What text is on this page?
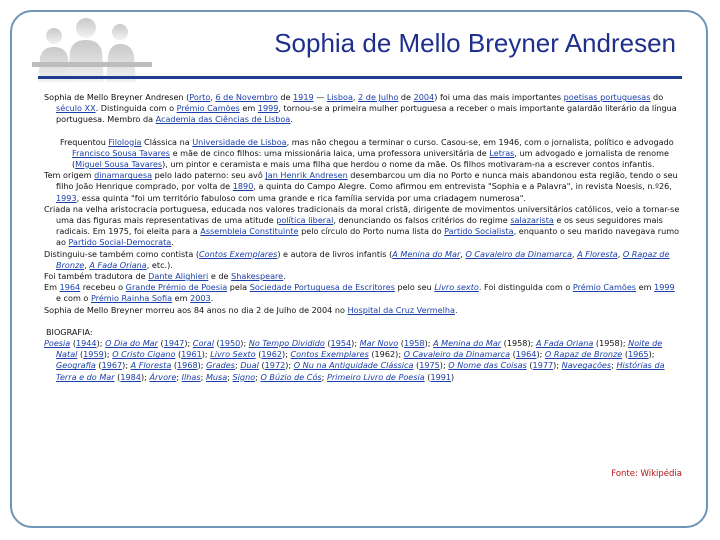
Sophia de Mello Breyner Andresen

Sophia de Mello Breyner Andresen (Porto, 6 de Novembro de 1919 — Lisboa, 2 de Julho de 2004) foi uma das mais importantes poetisas portuguesas do século XX. Distinguida com o Prémio Camões em 1999, tornou-se a primeira mulher portuguesa a receber o mais importante galardão literário da língua portuguesa. Membro da Academia das Ciências de Lisboa.

Frequentou Filologia Clássica na Universidade de Lisboa, mas não chegou a terminar o curso. Casou-se, em 1946, com o jornalista, político e advogado Francisco Sousa Tavares e mãe de cinco filhos: uma missionária laica, uma professora universitária de Letras, um advogado e jornalista de renome (Miguel Sousa Tavares), um pintor e ceramista e mais uma filha que herdou o nome da mãe. Os filhos motivaram-na a escrever contos infantis.

Tem origem dinamarquesa pelo lado paterno: seu avô Jan Henrik Andresen desembarcou um dia no Porto e nunca mais abandonou esta região, tendo o seu filho João Henrique comprado, por volta de 1890, a quinta do Campo Alegre. Como afirmou em entrevista "Sophia e a Palavra", in revista Noesis, n.º26, 1993, essa quinta "foi um território fabuloso com uma grande e rica família servida por uma criadagem numerosa".

Criada na velha aristocracia portuguesa, educada nos valores tradicionais da moral cristã, dirigente de movimentos universitários católicos, veio a tornar-se uma das figuras mais representativas de uma atitude política liberal, denunciando os falsos critérios do regime salazarista e os seus seguidores mais radicais. Em 1975, foi eleita para a Assembleia Constituinte pelo círculo do Porto numa lista do Partido Socialista, enquanto o seu marido navegava rumo ao Partido Social-Democrata.

Distinguiu-se também como contista (Contos Exemplares) e autora de livros infantis (A Menina do Mar, O Cavaleiro da Dinamarca, A Floresta, O Rapaz de Bronze, A Fada Oriana, etc.).

Foi também tradutora de Dante Alighieri e de Shakespeare.

Em 1964 recebeu o Grande Prémio de Poesia pela Sociedade Portuguesa de Escritores pelo seu Livro sexto. Foi distinguida com o Prémio Camões em 1999 e com o Prémio Rainha Sofia em 2003.

Sophia de Mello Breyner morreu aos 84 anos no dia 2 de Julho de 2004 no Hospital da Cruz Vermelha.

BIOGRAFIA:

Poesia (1944); O Dia do Mar (1947); Coral (1950); No Tempo Dividido (1954); Mar Novo (1958); A Menina do Mar (1958); A Fada Oriana (1958); Noite de Natal (1959); O Cristo Cigano (1961); Livro Sexto (1962); Contos Exemplares (1962); O Cavaleiro da Dinamarca (1964); O Rapaz de Bronze (1965); Geografia (1967); A Floresta (1968); Grades; Dual (1972); O Nu na Antiguidade Clássica (1975); O Nome das Coisas (1977); Navegações; Histórias da Terra e do Mar (1984); Árvore; Ilhas; Musa; Signo; O Búzio de Cós; Primeiro Livro de Poesia (1991)

Fonte: Wikipédia
